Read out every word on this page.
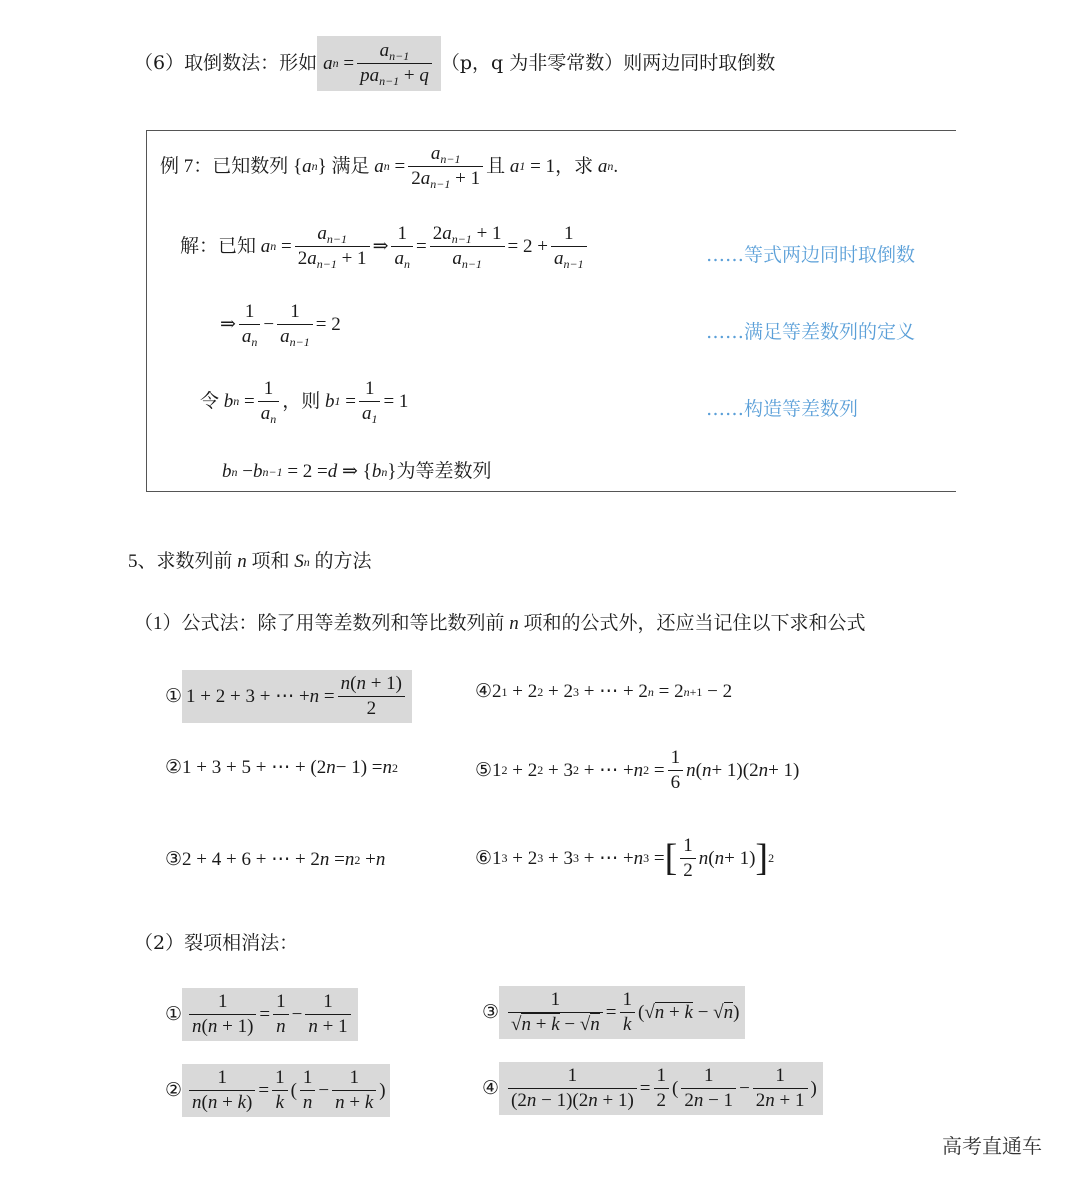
（6）取倒数法：形如 a $n = \frac{a_{n-1}}{pa_{n-1} + q} (p$，q 为非零常数）则两边同时取倒数
例 7：已知数列 { a n } 满足
a $n = \frac{a_{n-1}}{2a_{n-1} + 1}$ 且
a 1 = 1 ，求
a n .
解：已知
a $n = \frac{a_{n-1}}{2a_{n-1} + 1}$ ⇒ $\frac{1}{a_n} = \frac{2a_{n-1} + 1}{a_{n-1}} = 2 + \frac{1}{a_{n-1}}$	……等式两边同时取倒数
⇒ $\frac{1}{a_n} - \frac{1}{a_{n-1}} = 2$	……满足等差数列的定义
令
b $n = \frac{1}{a_n}$ ，则
b $1 = \frac{1}{a_1} = 1$	……构造等差数列
b n − b n−1 = 2 = d ⇒ { b n } 为等差数列
5、求数列前
n
项和
S n
的方法
（1）公式法：除了用等差数列和等比数列前
n
项和的公式外，还应当记住以下求和公式
① 1 + 2 + 3 + ⋯ + $n = \frac{n(n + 1)}{2}$	④ 2 1 + 2 2 + 2 3 + ⋯ + 2 n = 2 n+1 − 2
② 1 + 3 + 5 + ⋯ + (2 n − 1) = n 2	⑤ 1 2 + 2 2 + 3 2 + ⋯ + n $2 = \frac{1}{6}$ n ( n + 1)(2 n + 1)
③ 2 + 4 + 6 + ⋯ + 2 n = n 2 + n	⑥ 1 3 + 2 3 + 3 3 + ⋯ + n 3 = [ $\frac{1}{2}$ n ( n + 1) ] 2
（2）裂项相消法：
① $\frac{1}{n(n + 1)} = \frac{1}{n} - \frac{1}{n + 1}$	③ $\frac{1}{√n + k - √n} = \frac{1}{k}$ (√ n + k − √ n )
② $\frac{1}{n(n + k)} = \frac{1}{k}$ ( $\frac{1}{n} - \frac{1}{n + k}$ )	④ $\frac{1}{(2n - 1)(2n + 1)} = \frac{1}{2}$ ( $\frac{1}{2n - 1} - \frac{1}{2n + 1}$ )
高考直通车
